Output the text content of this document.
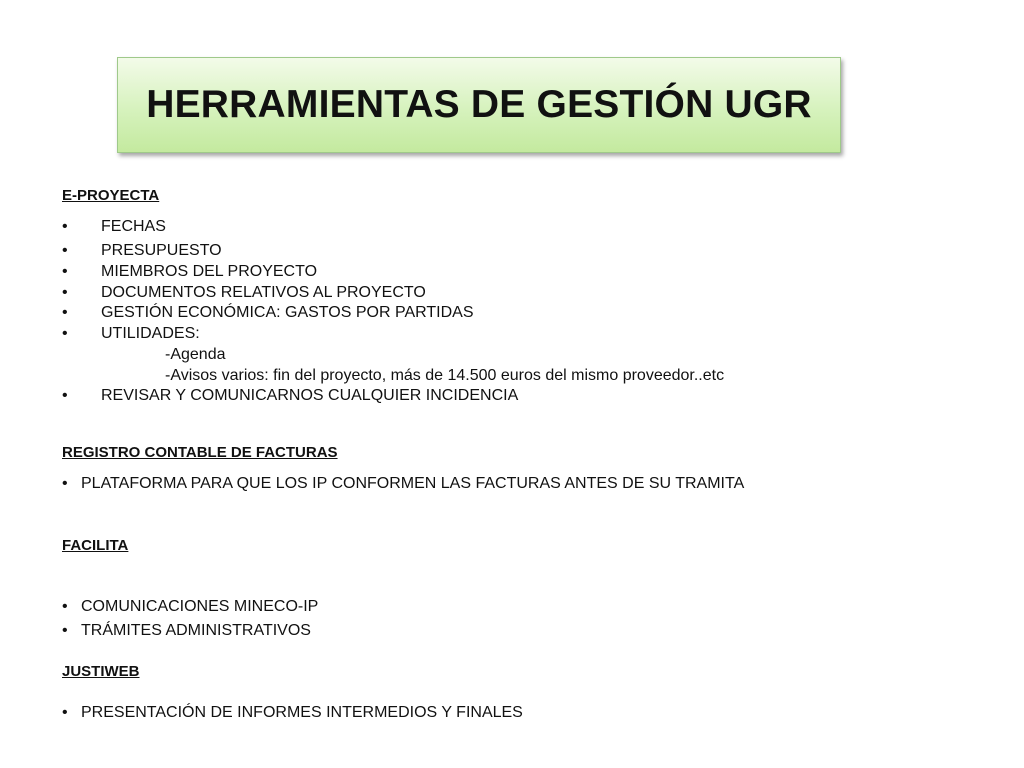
HERRAMIENTAS DE GESTIÓN UGR

E-PROYECTA

• FECHAS
• PRESUPUESTO
• MIEMBROS DEL PROYECTO
• DOCUMENTOS RELATIVOS AL PROYECTO
• GESTIÓN ECONÓMICA: GASTOS POR PARTIDAS
• UTILIDADES:
-Agenda
-Avisos varios: fin del proyecto, más de 14.500 euros del mismo proveedor..etc
• REVISAR Y COMUNICARNOS CUALQUIER INCIDENCIA

REGISTRO CONTABLE DE FACTURAS

• PLATAFORMA PARA QUE LOS IP CONFORMEN LAS FACTURAS ANTES DE SU TRAMITA

FACILITA

• COMUNICACIONES MINECO-IP
• TRÁMITES ADMINISTRATIVOS

JUSTIWEB

• PRESENTACIÓN DE INFORMES INTERMEDIOS Y FINALES
